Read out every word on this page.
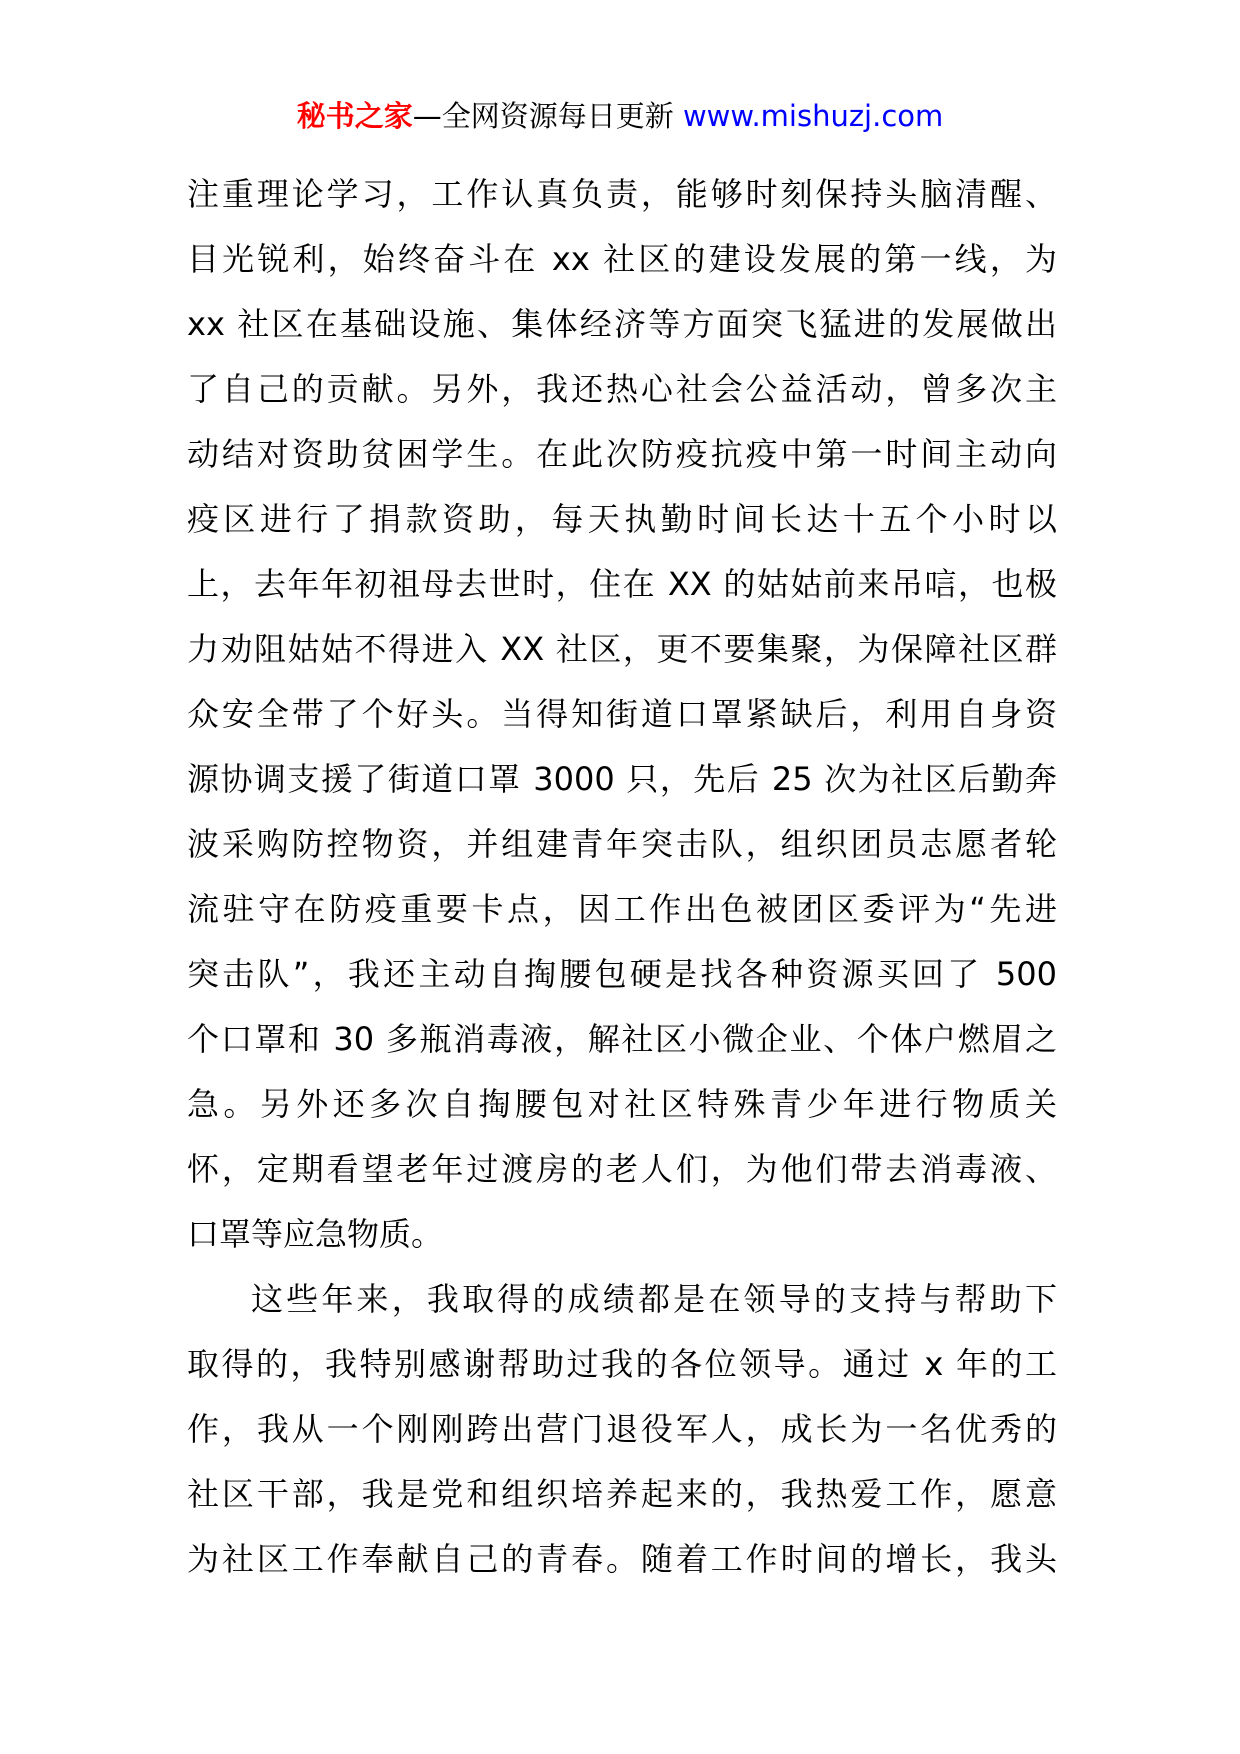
秘书之家—全网资源每日更新 www.mishuzj.com
注重理论学习，工作认真负责，能够时刻保持头脑清醒、
目光锐利，始终奋斗在 xx 社区的建设发展的第一线，为
xx 社区在基础设施、集体经济等方面突飞猛进的发展做出
了自己的贡献。另外，我还热心社会公益活动，曾多次主
动结对资助贫困学生。在此次防疫抗疫中第一时间主动向
疫区进行了捐款资助，每天执勤时间长达十五个小时以
上，去年年初祖母去世时，住在 XX 的姑姑前来吊唁，也极
力劝阻姑姑不得进入 XX 社区，更不要集聚，为保障社区群
众安全带了个好头。当得知街道口罩紧缺后，利用自身资
源协调支援了街道口罩 3000 只，先后 25 次为社区后勤奔
波采购防控物资，并组建青年突击队，组织团员志愿者轮
流驻守在防疫重要卡点，因工作出色被团区委评为“先进
突击队”，我还主动自掏腰包硬是找各种资源买回了 500
个口罩和 30 多瓶消毒液，解社区小微企业、个体户燃眉之
急。另外还多次自掏腰包对社区特殊青少年进行物质关
怀，定期看望老年过渡房的老人们，为他们带去消毒液、
口罩等应急物质。
这些年来，我取得的成绩都是在领导的支持与帮助下
取得的，我特别感谢帮助过我的各位领导。通过 x 年的工
作，我从一个刚刚跨出营门退役军人，成长为一名优秀的
社区干部，我是党和组织培养起来的，我热爱工作，愿意
为社区工作奉献自己的青春。随着工作时间的增长，我头
